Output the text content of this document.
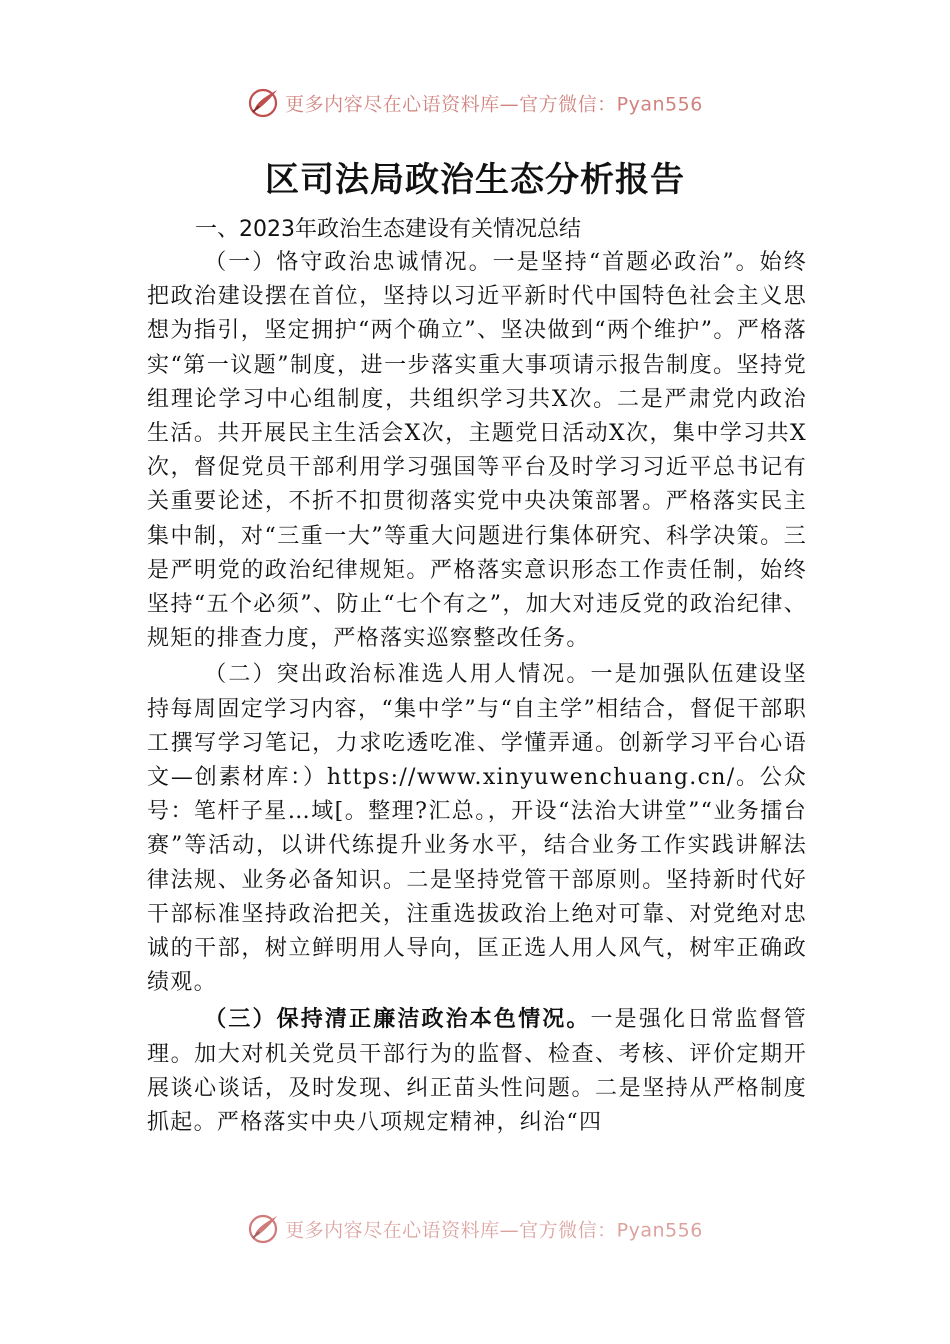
更多内容尽在心语资料库—官方微信：Pyan556
区司法局政治生态分析报告

一、2023年政治生态建设有关情况总结

（一）恪守政治忠诚情况。一是坚持“首题必政治”。始终把政治建设摆在首位，坚持以习近平新时代中国特色社会主义思想为指引，坚定拥护“两个确立”、坚决做到“两个维护”。严格落实“第一议题”制度，进一步落实重大事项请示报告制度。坚持党组理论学习中心组制度，共组织学习共X次。二是严肃党内政治生活。共开展民主生活会X次，主题党日活动X次，集中学习共X次，督促党员干部利用学习强国等平台及时学习习近平总书记有关重要论述，不折不扣贯彻落实党中央决策部署。严格落实民主集中制，对“三重一大”等重大问题进行集体研究、科学决策。三是严明党的政治纪律规矩。严格落实意识形态工作责任制，始终坚持“五个必须”、防止“七个有之”，加大对违反党的政治纪律、规矩的排查力度，严格落实巡察整改任务。

（二）突出政治标准选人用人情况。一是加强队伍建设坚持每周固定学习内容，“集中学”与“自主学”相结合，督促干部职工撰写学习笔记，力求吃透吃准、学懂弄通。创新学习平台心语文—创素材库：）https://www.xinyuwenchuang.cn/。公众号：笔杆子星…域[。整理?汇总。，开设“法治大讲堂”“业务擂台赛”等活动，以讲代练提升业务水平，结合业务工作实践讲解法律法规、业务必备知识。二是坚持党管干部原则。坚持新时代好干部标准坚持政治把关，注重选拔政治上绝对可靠、对党绝对忠诚的干部，树立鲜明用人导向，匡正选人用人风气，树牢正确政绩观。

（三）保持清正廉洁政治本色情况。一是强化日常监督管理。加大对机关党员干部行为的监督、检查、考核、评价定期开展谈心谈话，及时发现、纠正苗头性问题。二是坚持从严格制度抓起。严格落实中央八项规定精神，纠治“四

更多内容尽在心语资料库—官方微信：Pyan556
